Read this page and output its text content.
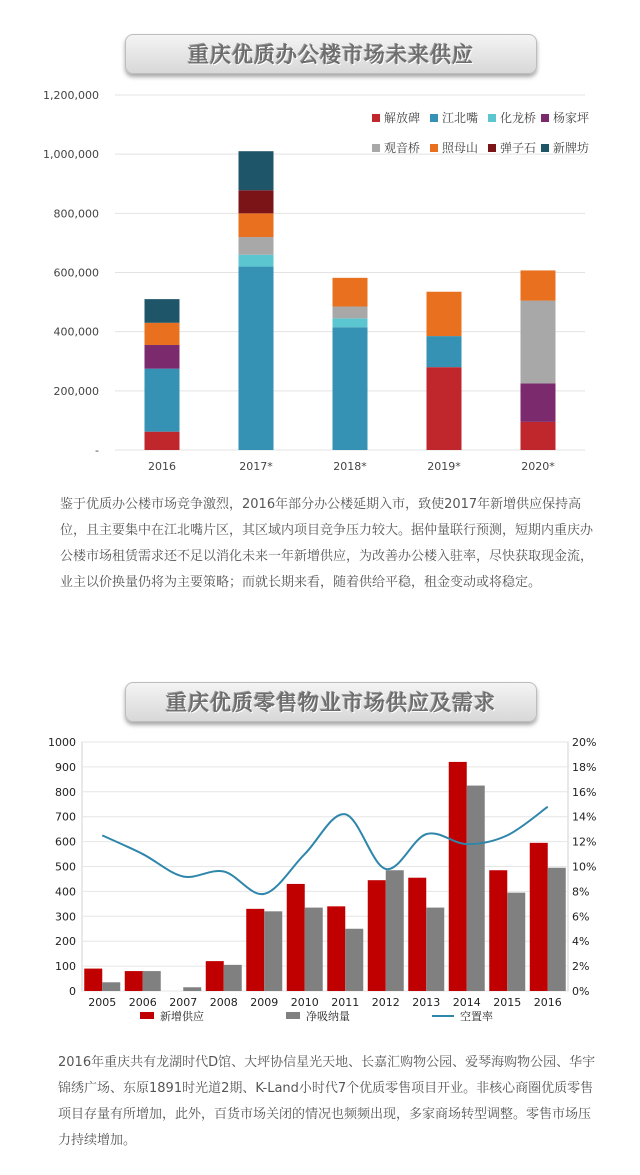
重庆优质办公楼市场未来供应
-
200,000
400,000
600,000
800,000
1,000,000
1,200,000
2016	2017*	2018*	2019*	2020*
解放碑 江北嘴 化龙桥 杨家坪
观音桥 照母山 弹子石 新牌坊
鉴于优质办公楼市场竞争激烈，2016年部分办公楼延期入市，致使2017年新增供应保持高位，且主要集中在江北嘴片区，其区域内项目竞争压力较大。据仲量联行预测，短期内重庆办公楼市场租赁需求还不足以消化未来一年新增供应，为改善办公楼入驻率，尽快获取现金流，业主以价换量仍将为主要策略；而就长期来看，随着供给平稳，租金变动或将稳定。
重庆优质零售物业市场供应及需求
0
100
200
300
400
500
600
700
800
900
1000
0%
2%
4%
6%
8%
10%
12%
14%
16%
18%
20%
2005 2006 2007 2008 2009 2010 2011 2012 2013 2014 2015 2016
新增供应	净吸纳量	空置率
2016年重庆共有龙湖时代D馆、大坪协信星光天地、长嘉汇购物公园、爱琴海购物公园、华宇锦绣广场、东原1891时光道2期、K-Land小时代7个优质零售项目开业。非核心商圈优质零售项目存量有所增加，此外，百货市场关闭的情况也频频出现，多家商场转型调整。零售市场压力持续增加。
